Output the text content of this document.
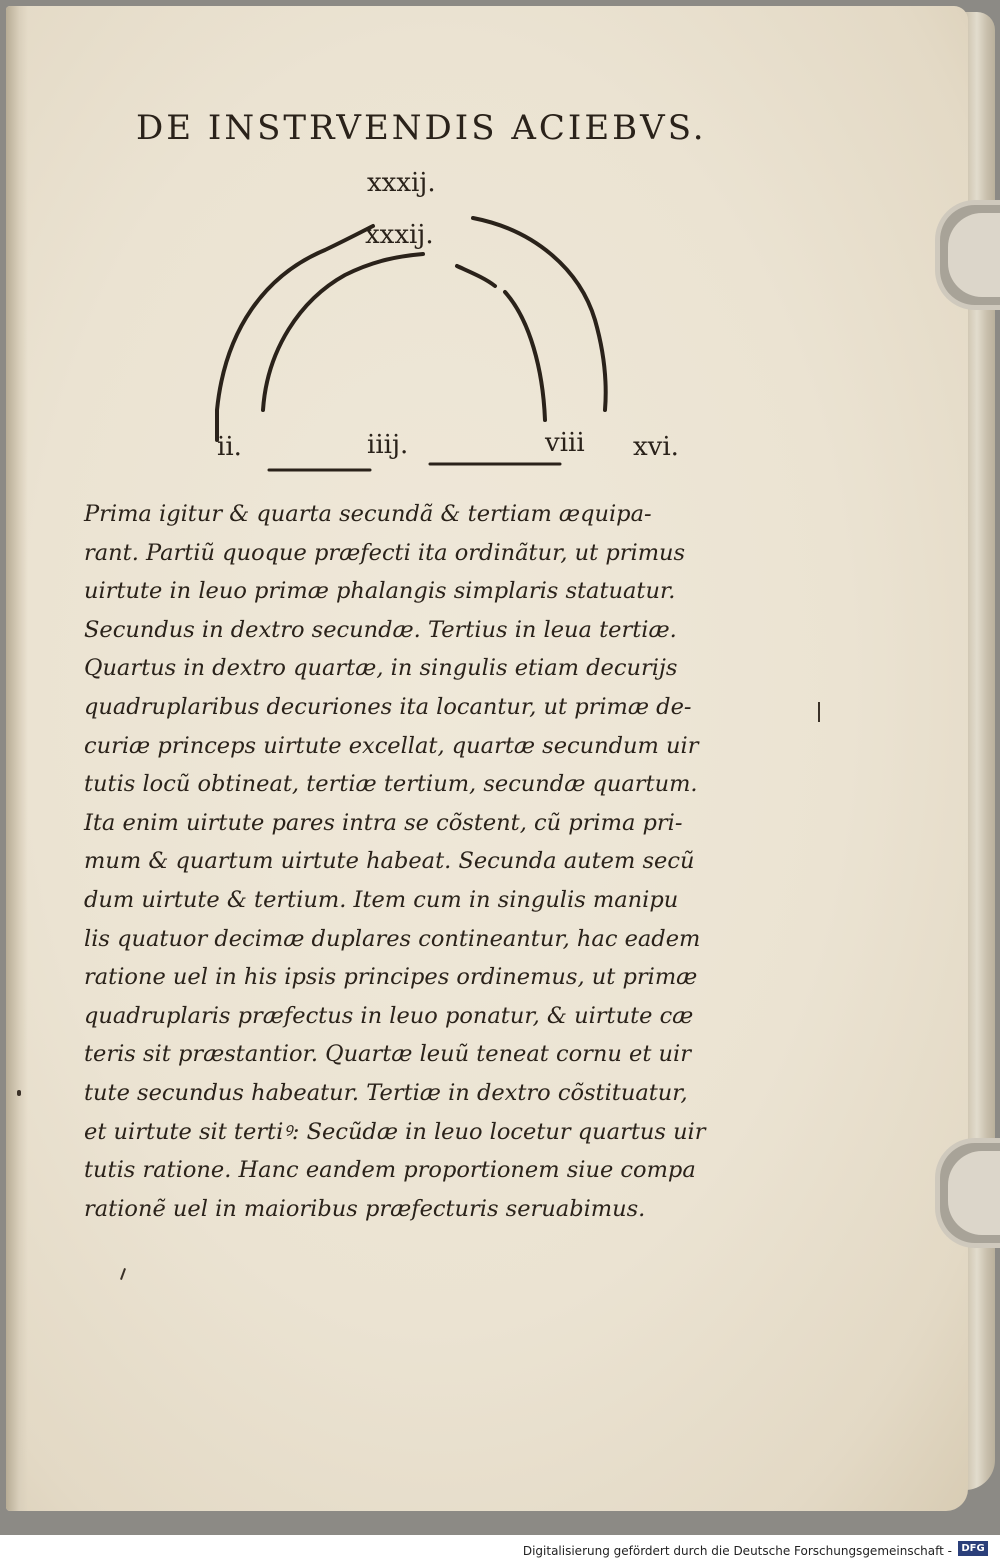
DE INSTRVENDIS ACIEBVS.
xxxij.
xxxij.
ii.	iiij.	viii xvi.
Prima igitur & quarta secundã & tertiam æquipa-
rant. Partiũ quoque præfecti ita ordinãtur, ut primus
uirtute in leuo primæ phalangis simplaris statuatur.
Secundus in dextro secundæ. Tertius in leua tertiæ.
Quartus in dextro quartæ, in singulis etiam decurijs
quadruplaribus decuriones ita locantur, ut primæ de-
curiæ princeps uirtute excellat, quartæ secundum uir
tutis locũ obtineat, tertiæ tertium, secundæ quartum.
Ita enim uirtute pares intra se cõstent, cũ prima pri-
mum & quartum uirtute habeat. Secunda autem secũ
dum uirtute & tertium. Item cum in singulis manipu
lis quatuor decimæ duplares contineantur, hac eadem
ratione uel in his ipsis principes ordinemus, ut primæ
quadruplaris præfectus in leuo ponatur, & uirtute cæ
teris sit præstantior. Quartæ leuũ teneat cornu et uir
tute secundus habeatur. Tertiæ in dextro cõstituatur,
et uirtute sit tertiꝰ: Secũdæ in leuo locetur quartus uir
tutis ratione. Hanc eandem proportionem siue compa
rationẽ uel in maioribus præfecturis seruabimus.
Digitalisierung gefördert durch die Deutsche Forschungsgemeinschaft - DFG
